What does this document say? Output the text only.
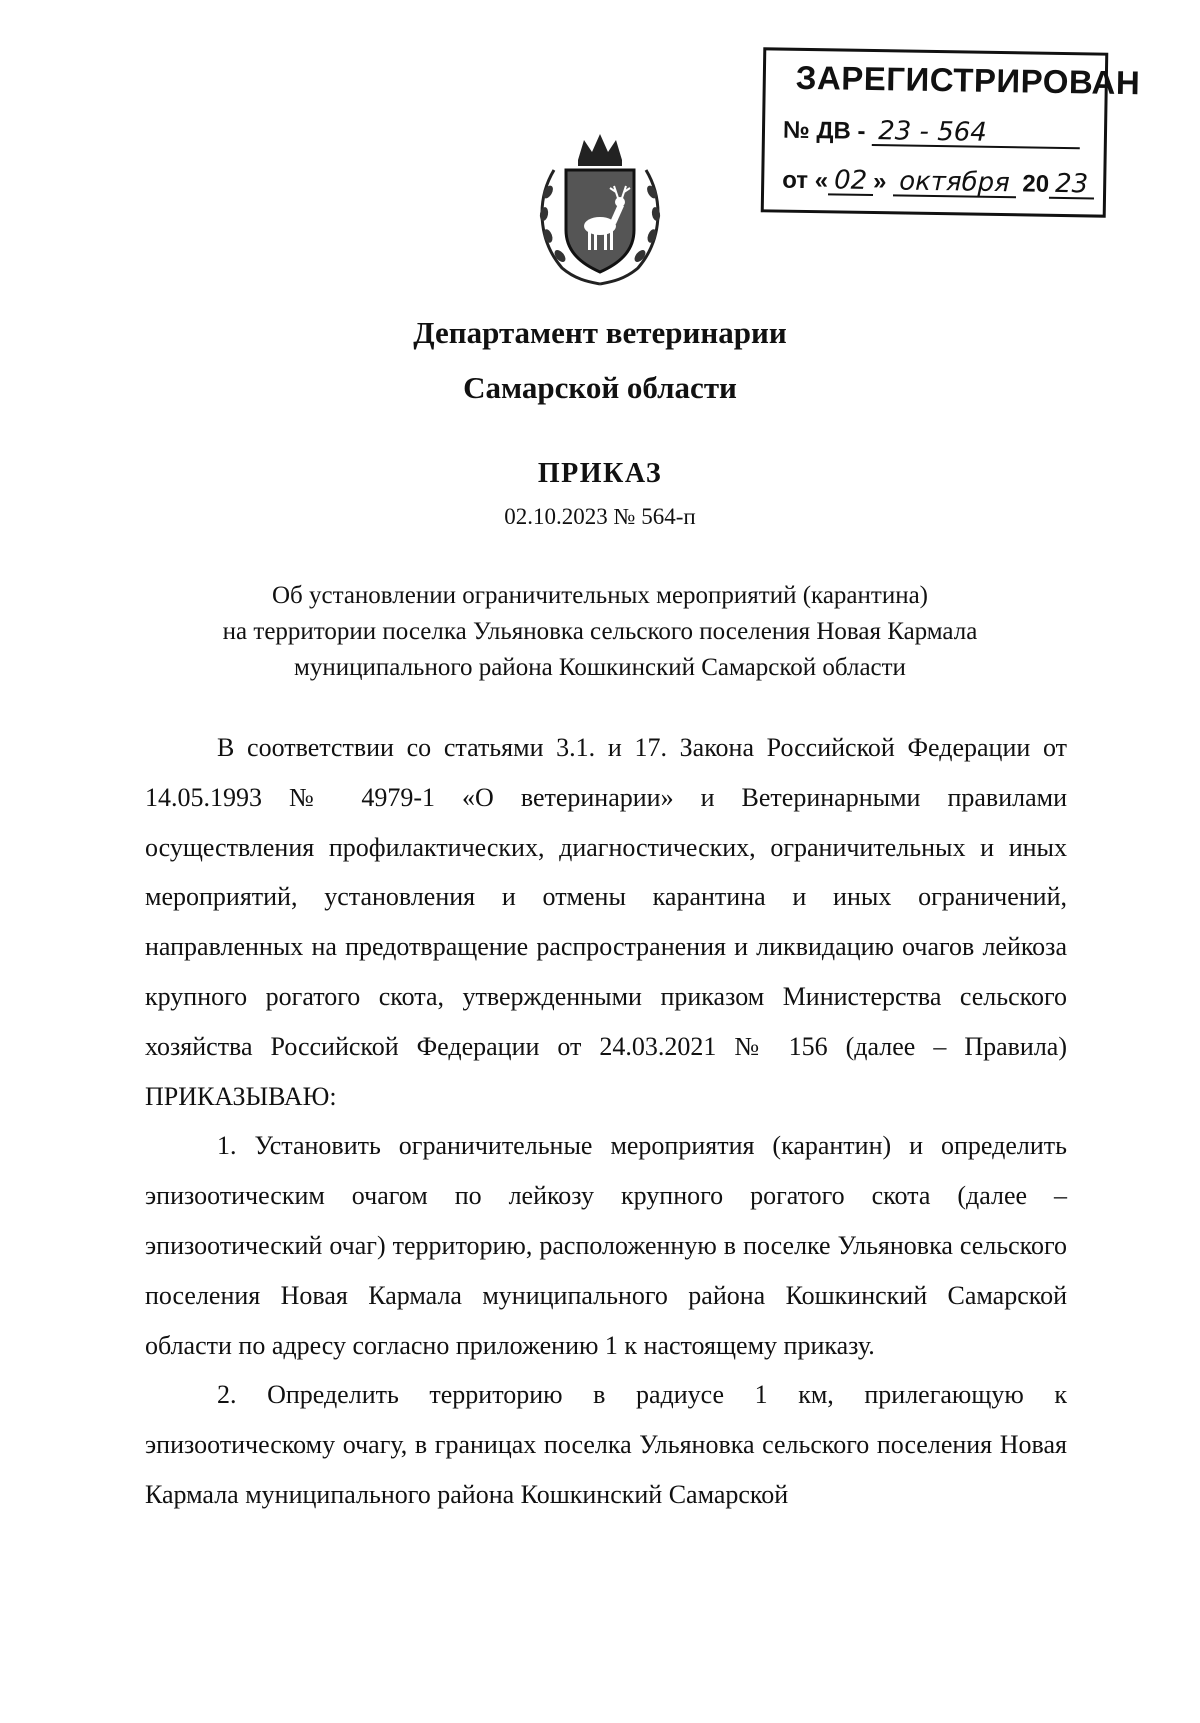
ЗАРЕГИСТРИРОВАН
№ ДВ - 23 - 564
от « 02 » октября 20 23
Департамент ветеринарии
Самарской области
ПРИКАЗ
02.10.2023 № 564-п
Об установлении ограничительных мероприятий (карантина)
на территории поселка Ульяновка сельского поселения Новая Кармала
муниципального района Кошкинский Самарской области

В соответствии со статьями 3.1. и 17. Закона Российской Федерации от 14.05.1993 № 4979-1 «О ветеринарии» и Ветеринарными правилами осуществления профилактических, диагностических, ограничительных и иных мероприятий, установления и отмены карантина и иных ограничений, направленных на предотвращение распространения и ликвидацию очагов лейкоза крупного рогатого скота, утвержденными приказом Министерства сельского хозяйства Российской Федерации от 24.03.2021 № 156 (далее – Правила) ПРИКАЗЫВАЮ:

1. Установить ограничительные мероприятия (карантин) и определить эпизоотическим очагом по лейкозу крупного рогатого скота (далее – эпизоотический очаг) территорию, расположенную в поселке Ульяновка сельского поселения Новая Кармала муниципального района Кошкинский Самарской области по адресу согласно приложению 1 к настоящему приказу.

2. Определить территорию в радиусе 1 км, прилегающую к эпизоотическому очагу, в границах поселка Ульяновка сельского поселения Новая Кармала муниципального района Кошкинский Самарской
